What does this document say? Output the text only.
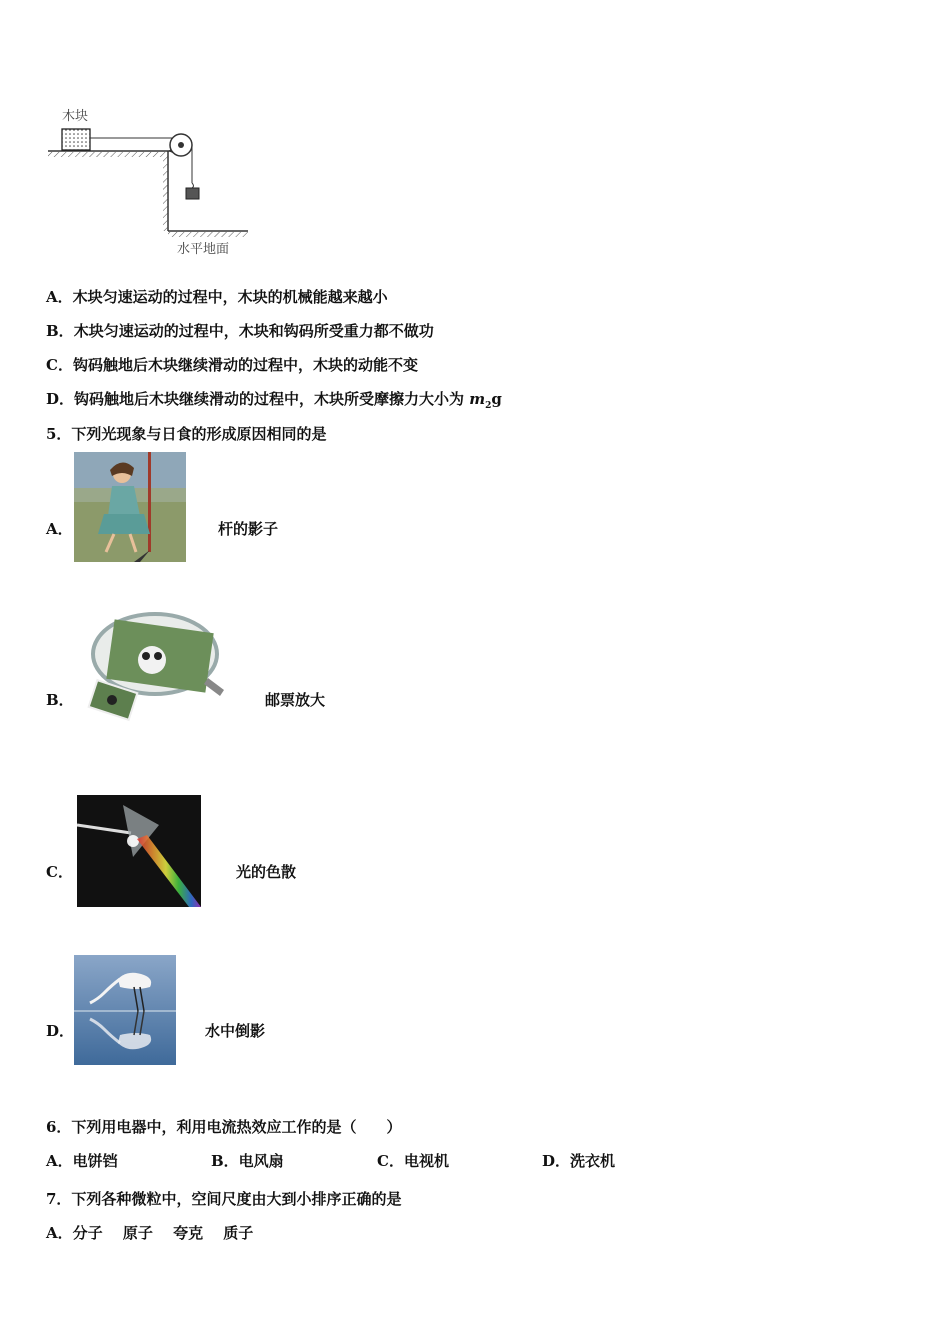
木块
水平地面
A．木块匀速运动的过程中，木块的机械能越来越小
B．木块匀速运动的过程中，木块和钩码所受重力都不做功
C．钩码触地后木块继续滑动的过程中，木块的动能不变
D．钩码触地后木块继续滑动的过程中，木块所受摩擦力大小为 $m_2g$
5．下列光现象与日食的形成原因相同的是
A．	杆的影子
B．	邮票放大
C．	光的色散
D．	水中倒影
6．下列用电器中，利用电流热效应工作的是（　　）
A．电饼铛	B．电风扇	C．电视机	D．洗衣机
7．下列各种微粒中，空间尺度由大到小排序正确的是
A．分子　 原子　 夸克　 质子
